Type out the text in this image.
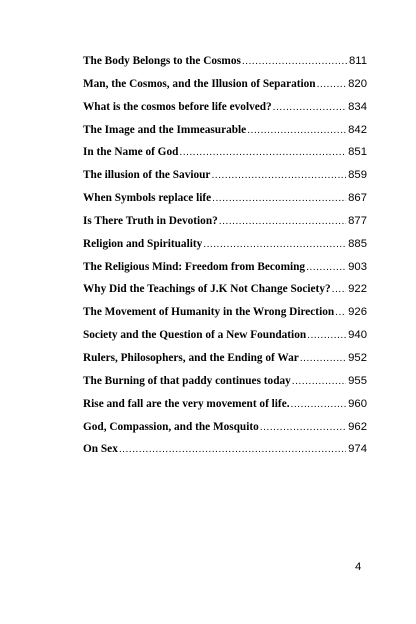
The Body Belongs to the Cosmos .....	811
Man, the Cosmos, and the Illusion of Separation .....	820
What is the cosmos before life evolved? .....	834
The Image and the Immeasurable .....	842
In the Name of God .....	851
The illusion of the Saviour .....	859
When Symbols replace life .....	867
Is There Truth in Devotion? .....	877
Religion and Spirituality .....	885
The Religious Mind: Freedom from Becoming .....	903
Why Did the Teachings of J.K Not Change Society? ..... 922
The Movement of Humanity in the Wrong Direction ..... 926
Society and the Question of a New Foundation .....	940
Rulers, Philosophers, and the Ending of War .....	952
The Burning of that paddy continues today .....	955
Rise and fall are the very movement of life. .....	960
God, Compassion, and the Mosquito .....	962
On Sex .....	974
4
